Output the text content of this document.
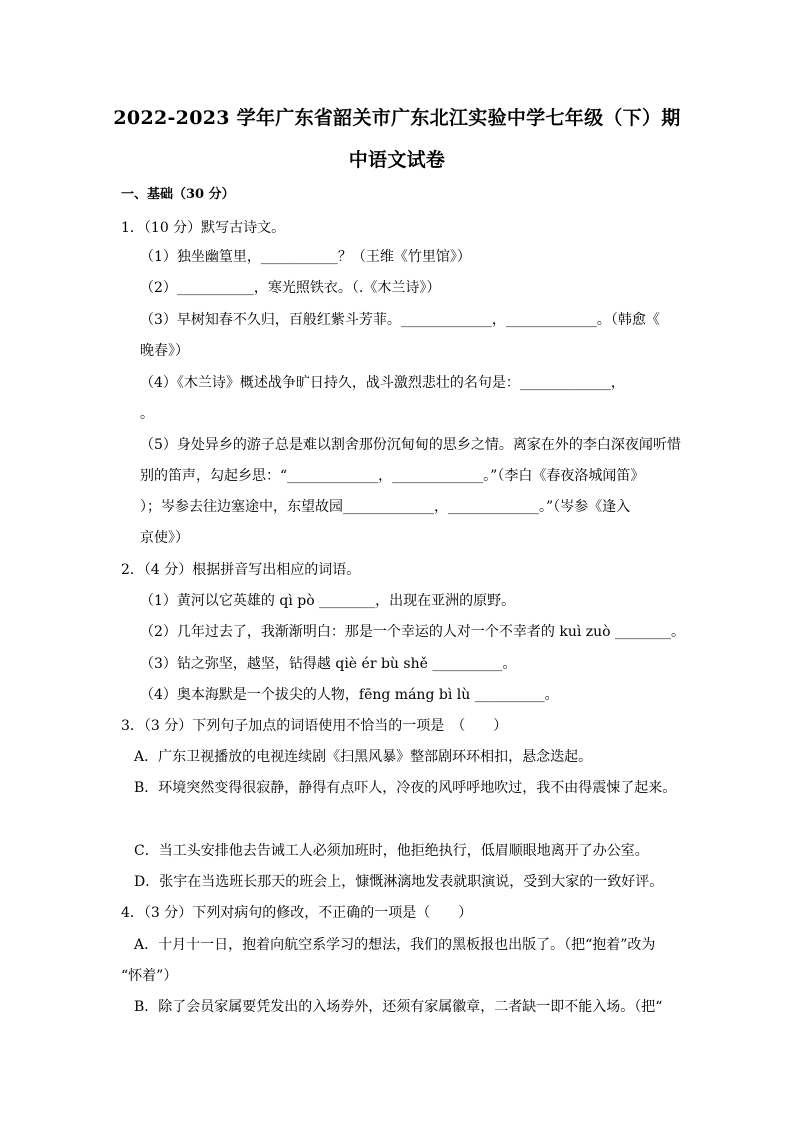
2022-2023 学年广东省韶关市广东北江实验中学七年级（下）期
中语文试卷
一、基础（30 分）
1．（10 分）默写古诗文。
（1）独坐幽篁里，___________？（王维《竹里馆》）
（2）___________，寒光照铁衣。（.《木兰诗》）
（3）早树知春不久归，百般红紫斗芳菲。_____________，_____________。（韩愈《
晚春》）
（4）《木兰诗》概述战争旷日持久，战斗激烈悲壮的名句是：_____________，
。
（5）身处异乡的游子总是难以割舍那份沉甸甸的思乡之情。离家在外的李白深夜闻听惜
别的笛声，勾起乡思：“_____________，_____________。”（李白《春夜洛城闻笛》
）；岑参去往边塞途中，东望故园_____________，_____________。”（岑参《逢入
京使》）
2．（4 分）根据拼音写出相应的词语。
（1）黄河以它英雄的 qì pò ________，出现在亚洲的原野。
（2）几年过去了，我渐渐明白：那是一个幸运的人对一个不幸者的 kuì zuò ________。
（3）钻之弥坚，越坚，钻得越 qiè ér bù shě __________。
（4）奥本海默是一个拔尖的人物，fēng máng bì lù __________。
3．（3 分）下列句子加点的词语使用不恰当的一项是　（　　）
A．广东卫视播放的电视连续剧《扫黑风暴》整部剧环环相扣，悬念迭起。
B．环境突然变得很寂静，静得有点吓人，冷夜的风呼呼地吹过，我不由得震悚了起来。
C．当工头安排他去告诫工人必须加班时，他拒绝执行，低眉顺眼地离开了办公室。
D．张宇在当选班长那天的班会上，慷慨淋漓地发表就职演说，受到大家的一致好评。
4．（3 分）下列对病句的修改，不正确的一项是（　　）
A．十月十一日，抱着向航空系学习的想法，我们的黑板报也出版了。（把“抱着”改为
“怀着”）
B．除了会员家属要凭发出的入场券外，还须有家属徽章，二者缺一即不能入场。（把“
